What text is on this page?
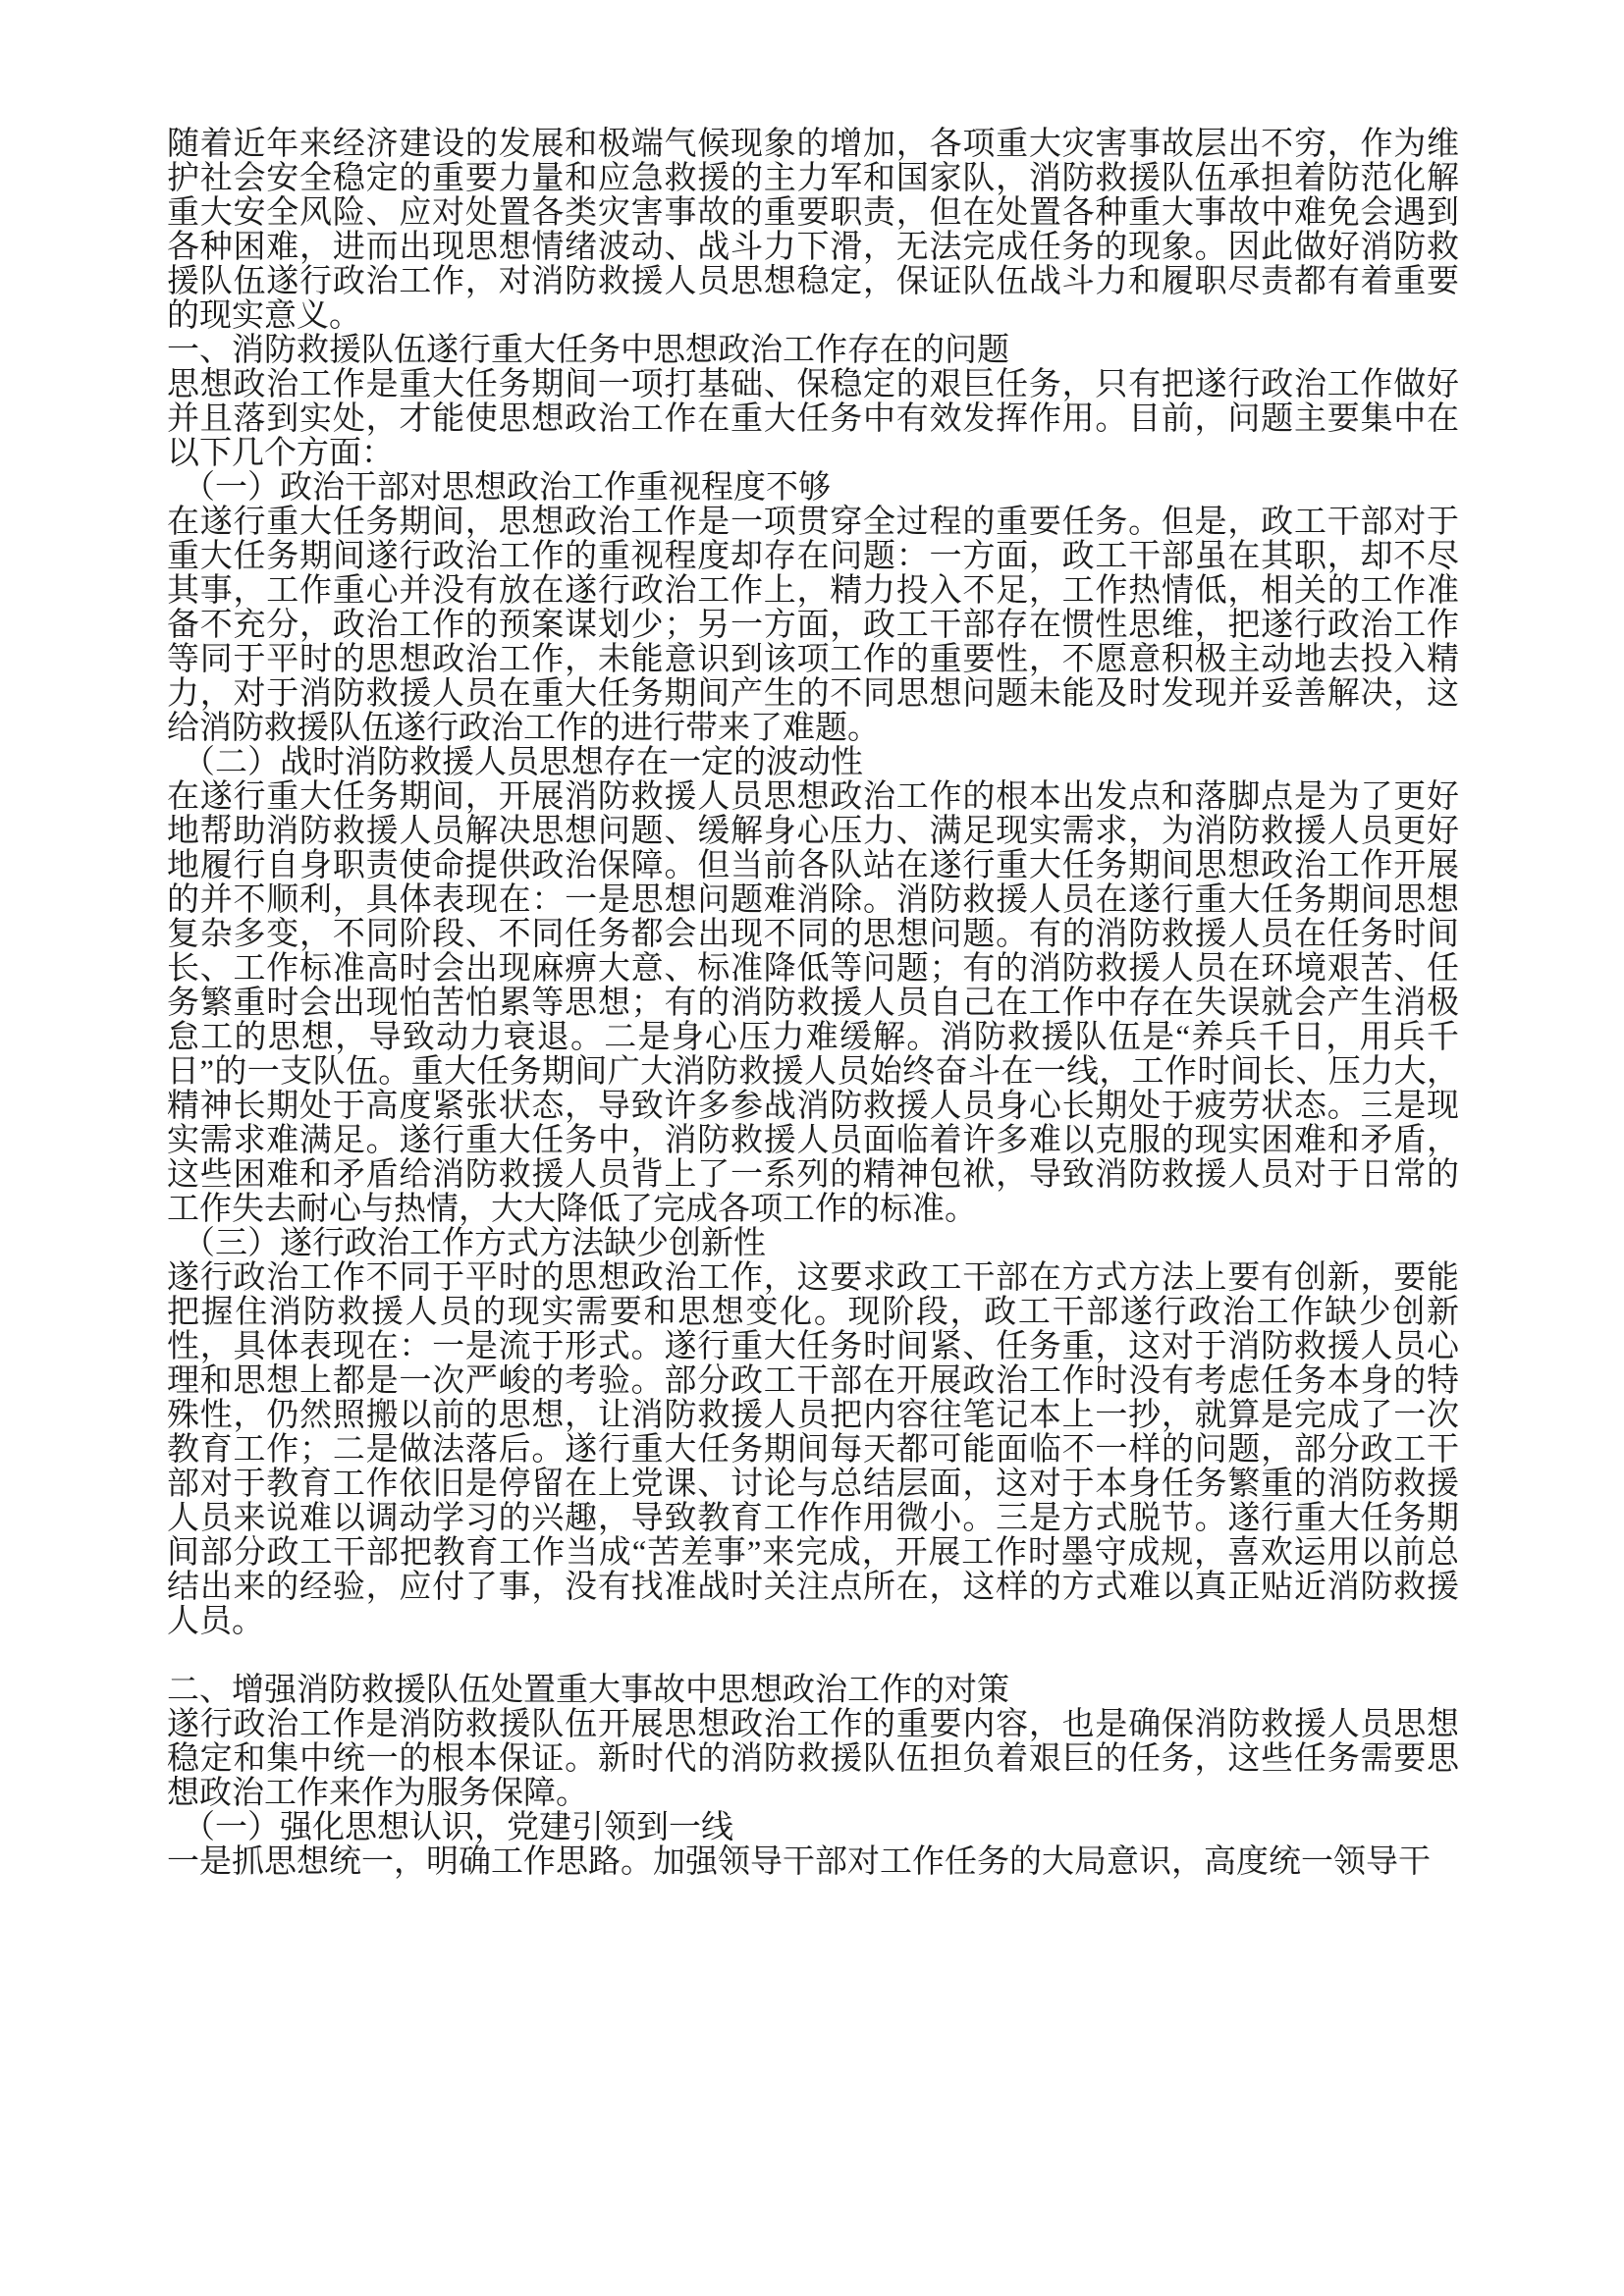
随着近年来经济建设的发展和极端气候现象的增加，各项重大灾害事故层出不穷，作为维护社会安全稳定的重要力量和应急救援的主力军和国家队，消防救援队伍承担着防范化解重大安全风险、应对处置各类灾害事故的重要职责，但在处置各种重大事故中难免会遇到各种困难，进而出现思想情绪波动、战斗力下滑，无法完成任务的现象。因此做好消防救援队伍遂行政治工作，对消防救援人员思想稳定，保证队伍战斗力和履职尽责都有着重要的现实意义。

一、消防救援队伍遂行重大任务中思想政治工作存在的问题

思想政治工作是重大任务期间一项打基础、保稳定的艰巨任务，只有把遂行政治工作做好并且落到实处，才能使思想政治工作在重大任务中有效发挥作用。目前，问题主要集中在以下几个方面：

（一）政治干部对思想政治工作重视程度不够

在遂行重大任务期间，思想政治工作是一项贯穿全过程的重要任务。但是，政工干部对于重大任务期间遂行政治工作的重视程度却存在问题：一方面，政工干部虽在其职，却不尽其事，工作重心并没有放在遂行政治工作上，精力投入不足，工作热情低，相关的工作准备不充分，政治工作的预案谋划少；另一方面，政工干部存在惯性思维，把遂行政治工作等同于平时的思想政治工作，未能意识到该项工作的重要性，不愿意积极主动地去投入精力，对于消防救援人员在重大任务期间产生的不同思想问题未能及时发现并妥善解决，这给消防救援队伍遂行政治工作的进行带来了难题。

（二）战时消防救援人员思想存在一定的波动性

在遂行重大任务期间，开展消防救援人员思想政治工作的根本出发点和落脚点是为了更好地帮助消防救援人员解决思想问题、缓解身心压力、满足现实需求，为消防救援人员更好地履行自身职责使命提供政治保障。但当前各队站在遂行重大任务期间思想政治工作开展的并不顺利，具体表现在：一是思想问题难消除。消防救援人员在遂行重大任务期间思想复杂多变，不同阶段、不同任务都会出现不同的思想问题。有的消防救援人员在任务时间长、工作标准高时会出现麻痹大意、标准降低等问题；有的消防救援人员在环境艰苦、任务繁重时会出现怕苦怕累等思想；有的消防救援人员自己在工作中存在失误就会产生消极怠工的思想，导致动力衰退。二是身心压力难缓解。消防救援队伍是“养兵千日，用兵千日”的一支队伍。重大任务期间广大消防救援人员始终奋斗在一线，工作时间长、压力大，精神长期处于高度紧张状态，导致许多参战消防救援人员身心长期处于疲劳状态。三是现实需求难满足。遂行重大任务中，消防救援人员面临着许多难以克服的现实困难和矛盾，这些困难和矛盾给消防救援人员背上了一系列的精神包袱，导致消防救援人员对于日常的工作失去耐心与热情，大大降低了完成各项工作的标准。

（三）遂行政治工作方式方法缺少创新性

遂行政治工作不同于平时的思想政治工作，这要求政工干部在方式方法上要有创新，要能把握住消防救援人员的现实需要和思想变化。现阶段，政工干部遂行政治工作缺少创新性，具体表现在：一是流于形式。遂行重大任务时间紧、任务重，这对于消防救援人员心理和思想上都是一次严峻的考验。部分政工干部在开展政治工作时没有考虑任务本身的特殊性，仍然照搬以前的思想，让消防救援人员把内容往笔记本上一抄，就算是完成了一次教育工作；二是做法落后。遂行重大任务期间每天都可能面临不一样的问题，部分政工干部对于教育工作依旧是停留在上党课、讨论与总结层面，这对于本身任务繁重的消防救援人员来说难以调动学习的兴趣，导致教育工作作用微小。三是方式脱节。遂行重大任务期间部分政工干部把教育工作当成“苦差事”来完成，开展工作时墨守成规，喜欢运用以前总结出来的经验，应付了事，没有找准战时关注点所在，这样的方式难以真正贴近消防救援人员。

二、增强消防救援队伍处置重大事故中思想政治工作的对策

遂行政治工作是消防救援队伍开展思想政治工作的重要内容，也是确保消防救援人员思想稳定和集中统一的根本保证。新时代的消防救援队伍担负着艰巨的任务，这些任务需要思想政治工作来作为服务保障。

（一）强化思想认识，党建引领到一线

一是抓思想统一，明确工作思路。加强领导干部对工作任务的大局意识，高度统一领导干
